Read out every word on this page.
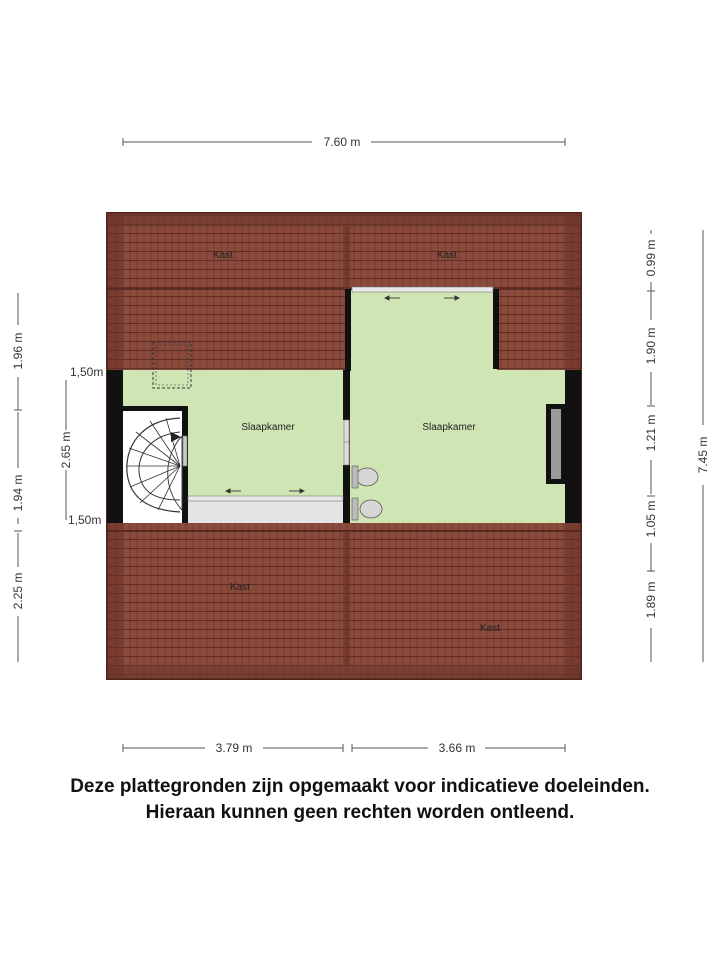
Kast	Kast
Slaapkamer	Slaapkamer
Kast
Kast
7.60 m
3.79 m	3.66 m
1.96 m
1.94 m
2.25 m
2.65 m
1,50m
1,50m
0.99 m
1.90 m
1.21 m
1.05 m
1.89 m
7.45 m
Deze plattegronden zijn opgemaakt voor indicatieve doeleinden.
Hieraan kunnen geen rechten worden ontleend.
